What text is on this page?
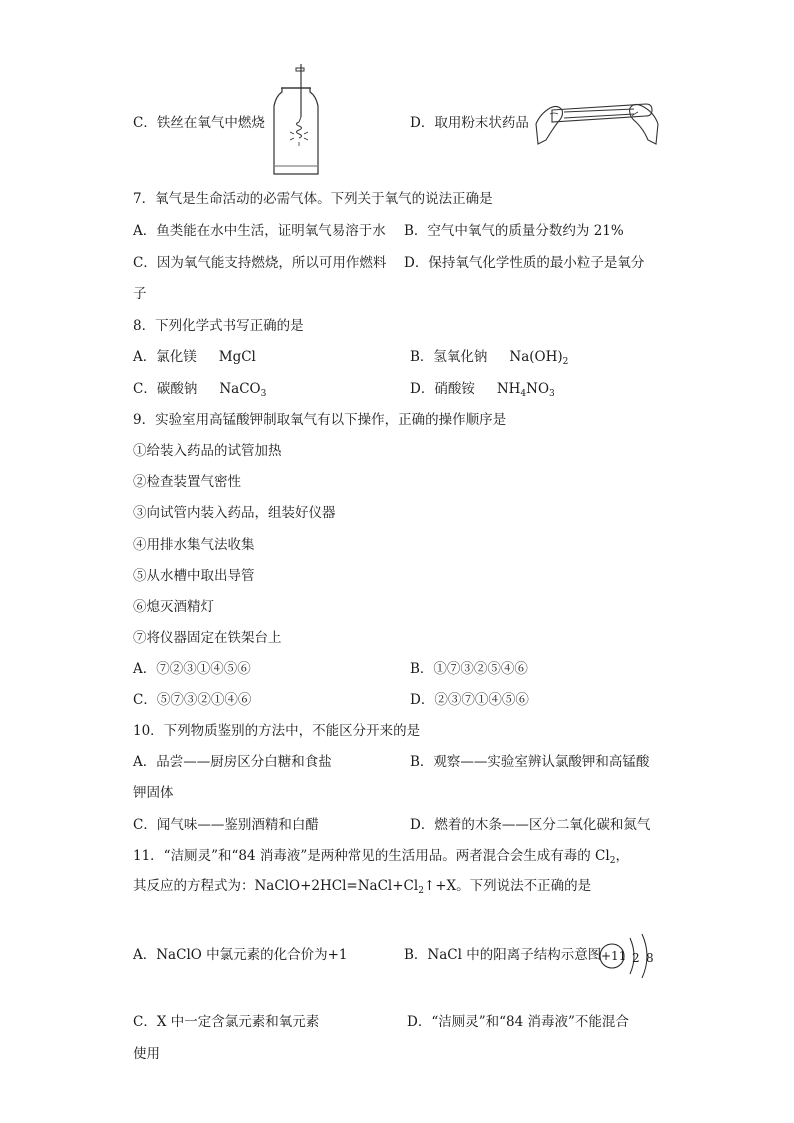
C．铁丝在氧气中燃烧	D．取用粉末状药品
7．氧气是生命活动的必需气体。下列关于氧气的说法正确是
A．鱼类能在水中生活，证明氧气易溶于水 B．空气中氧气的质量分数约为 21%
C．因为氧气能支持燃烧，所以可用作燃料 D．保持氧气化学性质的最小粒子是氧分
子
8．下列化学式书写正确的是
A．氯化镁 MgCl	B．氢氧化钠 $Na(OH)_2$
C．碳酸钠 NaCO$_3$	D．硝酸铵 $NH_4NO_3$
9．实验室用高锰酸钾制取氧气有以下操作，正确的操作顺序是
①给装入药品的试管加热
②检查装置气密性
③向试管内装入药品，组装好仪器
④用排水集气法收集
⑤从水槽中取出导管
⑥熄灭酒精灯
⑦将仪器固定在铁架台上
A．⑦②③①④⑤⑥	B．①⑦③②⑤④⑥
C．⑤⑦③②①④⑥	D．②③⑦①④⑤⑥
10．下列物质鉴别的方法中，不能区分开来的是
A．品尝——厨房区分白糖和食盐	B．观察——实验室辨认氯酸钾和高锰酸
钾固体
C．闻气味——鉴别酒精和白醋	D．燃着的木条——区分二氧化碳和氮气
11．“洁厕灵”和“84 消毒液”是两种常见的生活用品。两者混合会生成有毒的 $Cl_2$，
其反应的方程式为：$NaClO+2HCl=NaCl+Cl_2↑+X$。下列说法不正确的是
A．NaClO 中氯元素的化合价为+1	B．NaCl 中的阳离子结构示意图 +11 2 8
C．X 中一定含氯元素和氧元素	D．“洁厕灵”和“84 消毒液”不能混合
使用
